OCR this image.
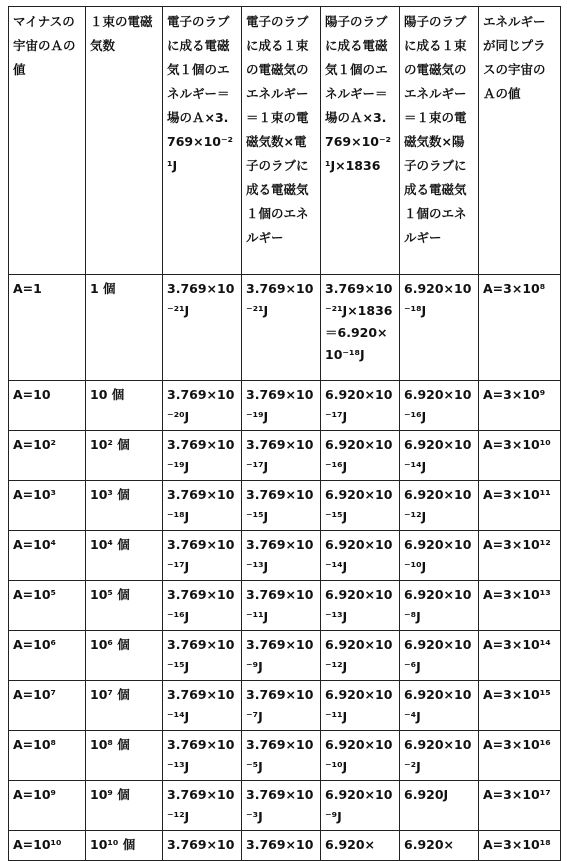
マイナスの宇宙のＡの値	１束の電磁気数	電子のラブに成る電磁気１個のエネルギー＝場のＡ×3.769×10⁻²¹J	電子のラブに成る１束の電磁気のエネルギー＝１束の電磁気数×電子のラブに成る電磁気１個のエネルギー	陽子のラブに成る電磁気１個のエネルギー＝場のＡ×3.769×10⁻²¹J×1836	陽子のラブに成る１束の電磁気のエネルギー＝１束の電磁気数×陽子のラブに成る電磁気１個のエネルギー	エネルギーが同じプラスの宇宙のＡの値
A=1	1 個	3.769×10⁻²¹J	3.769×10⁻²¹J	3.769×10⁻²¹J×1836＝6.920×10⁻¹⁸J	6.920×10⁻¹⁸J	A=3×10⁸
A=10	10 個	3.769×10⁻²⁰J	3.769×10⁻¹⁹J	6.920×10⁻¹⁷J	6.920×10⁻¹⁶J	A=3×10⁹
A=10²	10² 個	3.769×10⁻¹⁹J	3.769×10⁻¹⁷J	6.920×10⁻¹⁶J	6.920×10⁻¹⁴J	A=3×10¹⁰
A=10³	10³ 個	3.769×10⁻¹⁸J	3.769×10⁻¹⁵J	6.920×10⁻¹⁵J	6.920×10⁻¹²J	A=3×10¹¹
A=10⁴	10⁴ 個	3.769×10⁻¹⁷J	3.769×10⁻¹³J	6.920×10⁻¹⁴J	6.920×10⁻¹⁰J	A=3×10¹²
A=10⁵	10⁵ 個	3.769×10⁻¹⁶J	3.769×10⁻¹¹J	6.920×10⁻¹³J	6.920×10⁻⁸J	A=3×10¹³
A=10⁶	10⁶ 個	3.769×10⁻¹⁵J	3.769×10⁻⁹J	6.920×10⁻¹²J	6.920×10⁻⁶J	A=3×10¹⁴
A=10⁷	10⁷ 個	3.769×10⁻¹⁴J	3.769×10⁻⁷J	6.920×10⁻¹¹J	6.920×10⁻⁴J	A=3×10¹⁵
A=10⁸	10⁸ 個	3.769×10⁻¹³J	3.769×10⁻⁵J	6.920×10⁻¹⁰J	6.920×10⁻²J	A=3×10¹⁶
A=10⁹	10⁹ 個	3.769×10⁻¹²J	3.769×10⁻³J	6.920×10⁻⁹J	6.920J	A=3×10¹⁷
A=10¹⁰	10¹⁰ 個	3.769×10	3.769×10	6.920×	6.920×	A=3×10¹⁸
